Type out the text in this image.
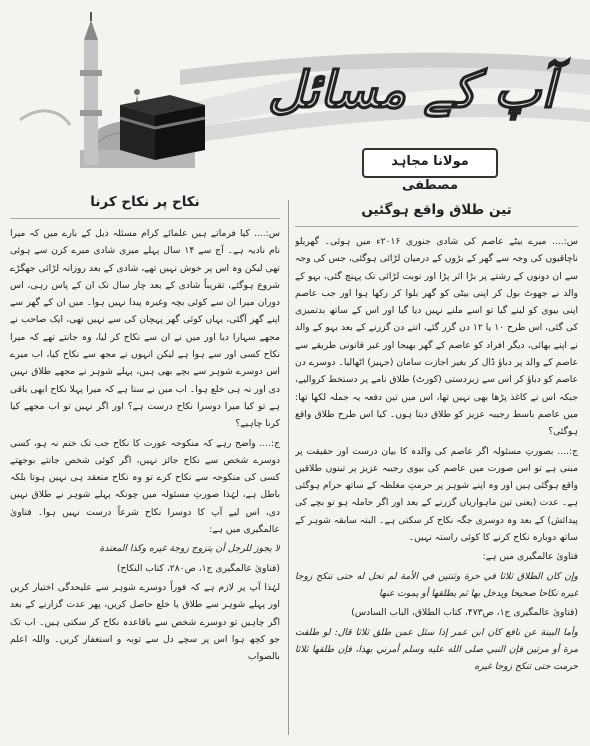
آپ کے مسائل
مولانا مجاہد مصطفی
تین طلاق واقع ہوگئیں

س:.... میرے بیٹے عاصم کی شادی جنوری ۲۰۱۶ء میں ہوئی۔ گھریلو ناچاقیوں کی وجہ سے گھر کے بڑوں کے درمیان لڑائی ہوگئی، جس کی وجہ سے ان دونوں کے رشتے پر بڑا اثر پڑا اور نوبت لڑائی تک پہنچ گئی، بہو کے والد نے جھوٹ بول کر اپنی بیٹی کو گھر بلوا کر رکھا ہوا اور جب عاصم اپنی بیوی کو لینے گیا تو اسے ملنے نہیں دیا گیا اور اس کے ساتھ بدتمیزی کی گئی، اس طرح ۱۰ یا ۱۲ دن گزر گئے، اتنے دن گزرنے کے بعد بہو کے والد نے اپنے بھائی، دیگر افراد کو عاصم کے گھر بھیجا اور غیر قانونی طریقے سے عاصم کے والد پر دباؤ ڈال کر بغیر اجازت سامان (جہیز) اٹھالیا۔ دوسرے دن عاصم کو دباؤ کر اس سے زبردستی (کورٹ) طلاق نامے پر دستخط کروالیے، جبکہ اس نے کاغذ پڑھا بھی نہیں تھا، اس میں تین دفعہ یہ جملہ لکھا تھا: میں عاصم باسط رجیبہ عزیز کو طلاق دیتا ہوں۔ کیا اس طرح طلاق واقع ہوگئی؟

ج:.... بصورتِ مسئولہ اگر عاصم کی والدہ کا بیان درست اور حقیقت پر مبنی ہے تو اس صورت میں عاصم کی بیوی رجیبہ عزیز پر تینوں طلاقیں واقع ہوگئی ہیں اور وہ اپنے شوہر پر حرمتِ مغلظہ کے ساتھ حرام ہوگئی ہے۔ عدت (یعنی تین ماہواریاں گزرنے کے بعد اور اگر حاملہ ہو تو بچے کی پیدائش) کے بعد وہ دوسری جگہ نکاح کر سکتی ہے۔ البتہ سابقہ شوہر کے ساتھ دوبارہ نکاح کرنے کا کوئی راستہ نہیں۔

فتاویٰ عالمگیری میں ہے:

وإن كان الطلاق ثلاثا في حرة وثنتين في الأمة لم تحل له حتى تنكح زوجا غيره نكاحا صحيحا ويدخل بها ثم يطلقها أو يموت عنها

(فتاویٰ عالمگیری ج۱، ص۴۷۳، کتاب الطلاق، الباب السادس)

وأما البينة عن نافع كان ابن عمر إذا سئل عمن طلق ثلاثا قال: لو طلقت مرة أو مرتين فإن النبي صلى الله عليه وسلم أمرني بهذا، فإن طلقها ثلاثا حرمت حتى تنكح زوجا غيره

نکاح پر نکاح کرنا

س:.... کیا فرماتے ہیں علمائے کرام مسئلہ ذیل کے بارے میں کہ میرا نام نادیہ ہے۔ آج سے ۱۴ سال پہلے میری شادی میرے کزن سے ہوئی تھی لیکن وہ اس پر خوش نہیں تھے، شادی کے بعد روزانہ لڑائی جھگڑے شروع ہوگئے، تقریباً شادی کے بعد چار سال تک ان کے پاس رہی، اس دوران میرا ان سے کوئی بچہ وغیرہ پیدا نہیں ہوا۔ میں ان کے گھر سے اپنے گھر آگئی، یہاں کوئی گھر پہچان کی سے نہیں تھی، ایک صاحب نے مجھے سہارا دیا اور میں نے ان سے نکاح کر لیا، وہ جانتے تھے کہ میرا نکاح کسی اور سے ہوا ہے لیکن انہوں نے مجھ سے نکاح کیا، اب میرے اس دوسرے شوہر سے بچے بھی ہیں، پہلے شوہر نے مجھے طلاق نہیں دی اور نہ ہی خلع ہوا۔ اب میں نے سنا ہے کہ میرا پہلا نکاح ابھی باقی ہے تو کیا میرا دوسرا نکاح درست ہے؟ اور اگر نہیں تو اب مجھے کیا کرنا چاہیے؟

ج:.... واضح رہے کہ منکوحہ عورت کا نکاح جب تک ختم نہ ہو، کسی دوسرے شخص سے نکاح جائز نہیں، اگر کوئی شخص جانتے بوجھتے کسی کی منکوحہ سے نکاح کرے تو وہ نکاح منعقد ہی نہیں ہوتا بلکہ باطل ہے، لہٰذا صورتِ مسئولہ میں چونکہ پہلے شوہر نے طلاق نہیں دی، اس لیے آپ کا دوسرا نکاح شرعاً درست نہیں ہوا۔ فتاویٰ عالمگیری میں ہے:

لا يجوز للرجل أن يتزوج زوجة غيره وكذا المعتدة

(فتاویٰ عالمگیری ج۱، ص۲۸۰، کتاب النکاح)

لہٰذا آپ پر لازم ہے کہ فوراً دوسرے شوہر سے علیحدگی اختیار کریں اور پہلے شوہر سے طلاق یا خلع حاصل کریں، پھر عدت گزارنے کے بعد اگر چاہیں تو دوسرے شخص سے باقاعدہ نکاح کر سکتی ہیں۔ اب تک جو کچھ ہوا اس پر سچے دل سے توبہ و استغفار کریں۔ واللہ اعلم بالصواب
